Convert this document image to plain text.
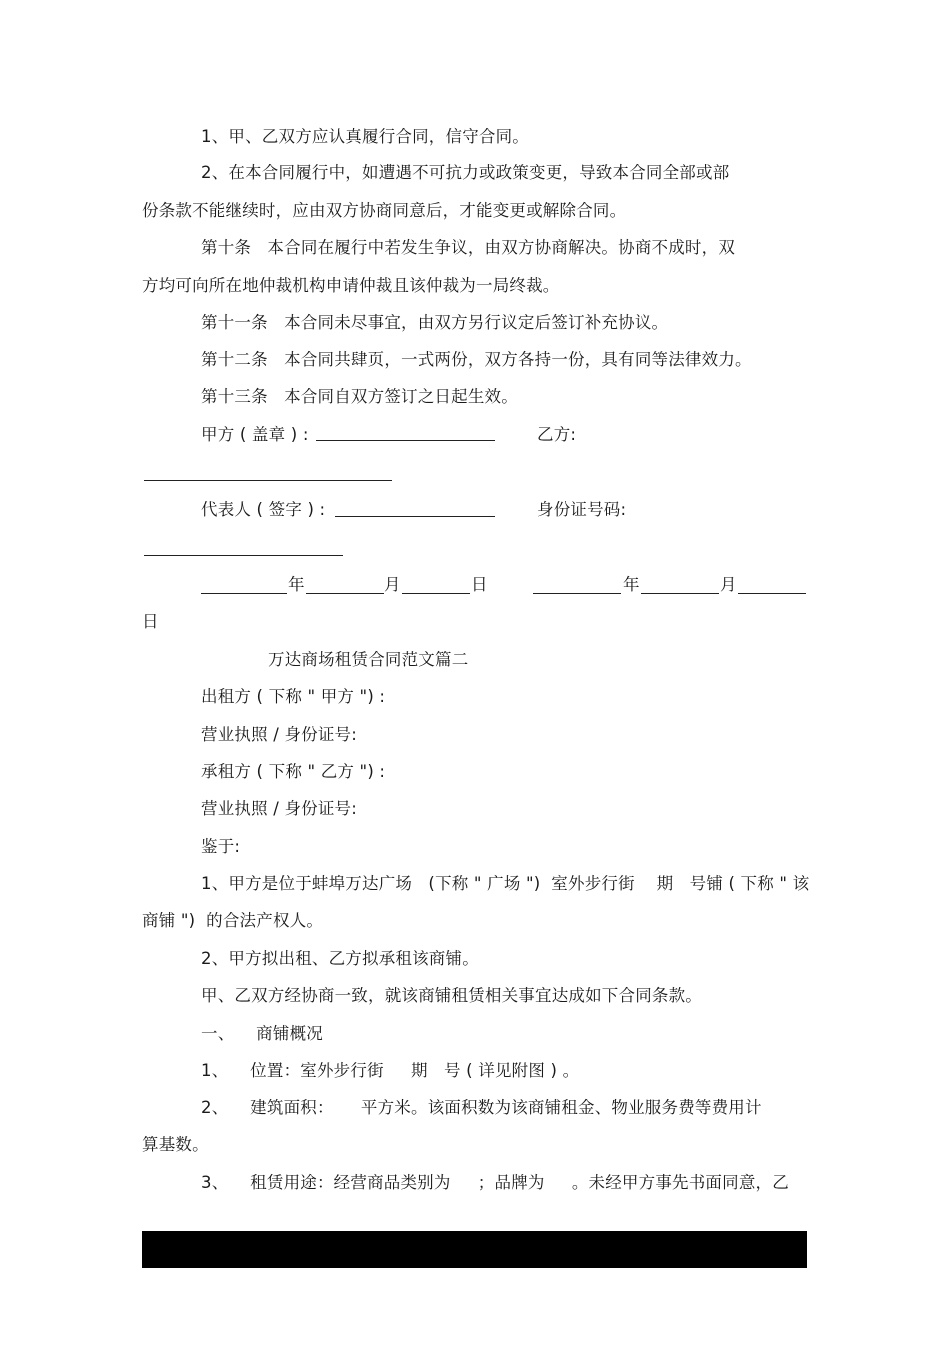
1、甲、乙双方应认真履行合同，信守合同。
2、在本合同履行中，如遭遇不可抗力或政策变更，导致本合同全部或部
份条款不能继续时，应由双方协商同意后，才能变更或解除合同。
第十条   本合同在履行中若发生争议，由双方协商解决。协商不成时，双
方均可向所在地仲裁机构申请仲裁且该仲裁为一局终裁。
第十一条   本合同未尽事宜，由双方另行议定后签订补充协议。
第十二条   本合同共肆页，一式两份，双方各持一份，具有同等法律效力。
第十三条   本合同自双方签订之日起生效。
甲方 ( 盖章 ) :	乙方:
代表人 ( 签字 ) :	身份证号码:
年	月	日	年	月
日
万达商场租赁合同范文篇二
出租方 ( 下称 " 甲方 ") :
营业执照 / 身份证号:
承租方 ( 下称 " 乙方 ") :
营业执照 / 身份证号:
鉴于:
1、甲方是位于蚌埠万达广场   (下称 " 广场 ")  室外步行街    期   号铺 ( 下称 " 该
商铺 ")  的合法产权人。
2、甲方拟出租、乙方拟承租该商铺。
甲、乙双方经协商一致，就该商铺租赁相关事宜达成如下合同条款。
一、    商铺概况
1、    位置：室外步行街     期   号 ( 详见附图 ) 。
2、    建筑面积：     平方米。该面积数为该商铺租金、物业服务费等费用计
算基数。
3、    租赁用途：经营商品类别为     ；品牌为     。未经甲方事先书面同意，乙
